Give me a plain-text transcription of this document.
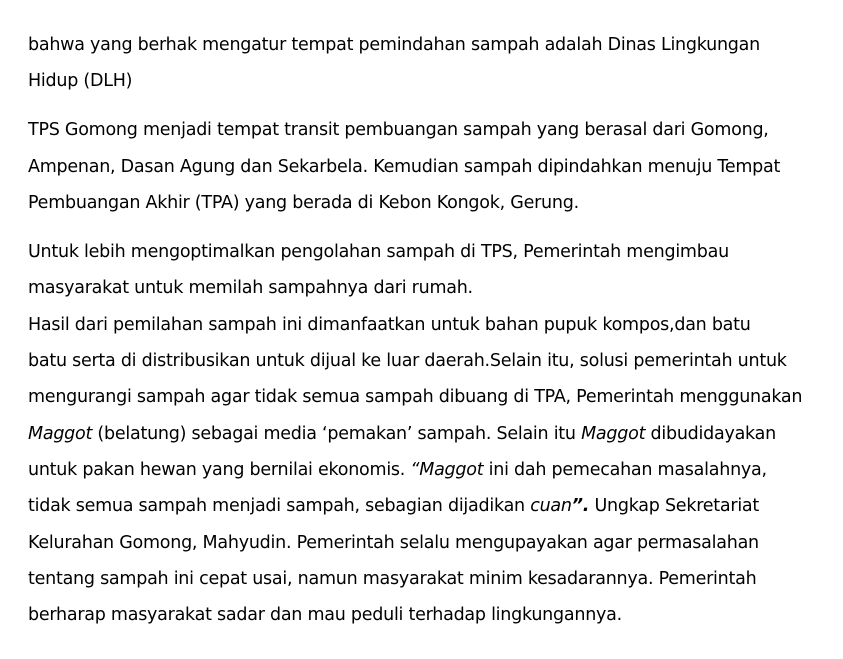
bahwa yang berhak mengatur tempat pemindahan sampah adalah Dinas Lingkungan
Hidup (DLH)

TPS Gomong menjadi tempat transit pembuangan sampah yang berasal dari Gomong,
Ampenan, Dasan Agung dan Sekarbela. Kemudian sampah dipindahkan menuju Tempat
Pembuangan Akhir (TPA) yang berada di Kebon Kongok, Gerung.

Untuk lebih mengoptimalkan pengolahan sampah di TPS, Pemerintah mengimbau
masyarakat untuk memilah sampahnya dari rumah.
Hasil dari pemilahan sampah ini dimanfaatkan untuk bahan pupuk kompos,dan batu
batu serta di distribusikan untuk dijual ke luar daerah.Selain itu, solusi pemerintah untuk
mengurangi sampah agar tidak semua sampah dibuang di TPA, Pemerintah menggunakan
Maggot (belatung) sebagai media ‘pemakan’ sampah. Selain itu Maggot dibudidayakan
untuk pakan hewan yang bernilai ekonomis. “Maggot ini dah pemecahan masalahnya,
tidak semua sampah menjadi sampah, sebagian dijadikan cuan”. Ungkap Sekretariat
Kelurahan Gomong, Mahyudin. Pemerintah selalu mengupayakan agar permasalahan
tentang sampah ini cepat usai, namun masyarakat minim kesadarannya. Pemerintah
berharap masyarakat sadar dan mau peduli terhadap lingkungannya.
